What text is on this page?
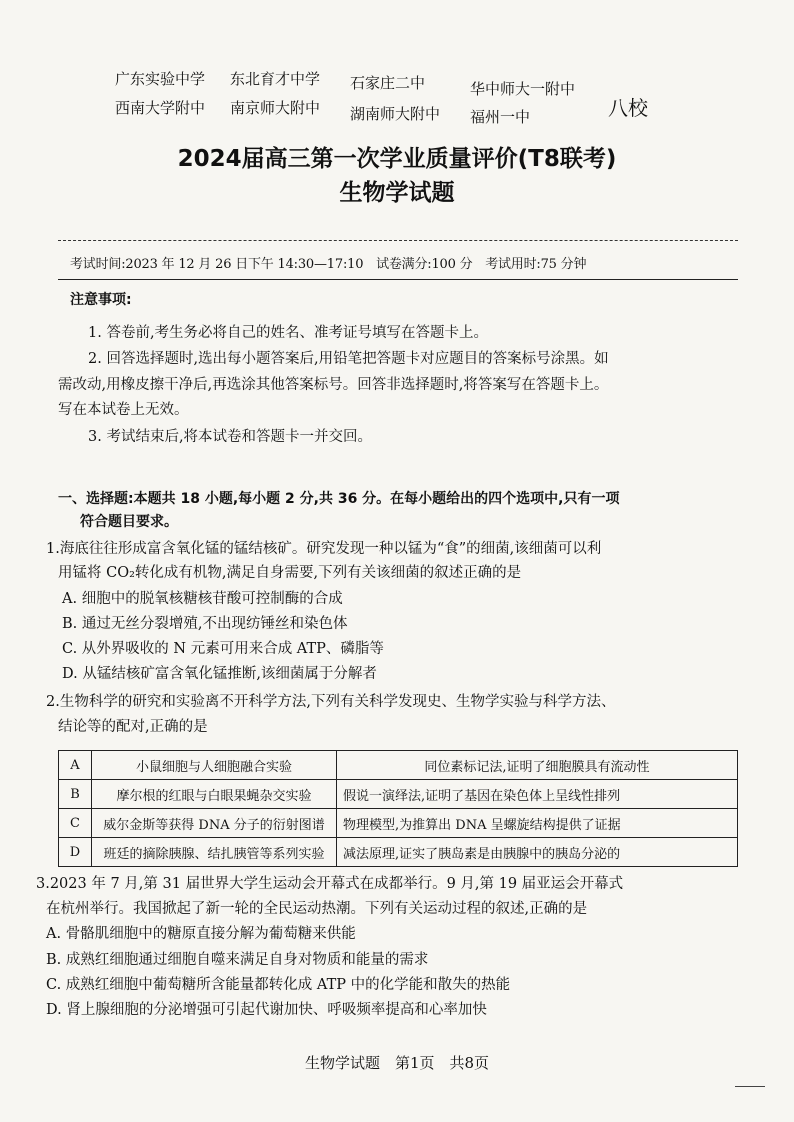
广东实验中学 东北育才中学 石家庄二中	华中师大一附中
西南大学附中 南京师大附中 湖南师大附中 福州一中	八校
2024届高三第一次学业质量评价(T8联考)
生物学试题
考试时间:2023 年 12 月 26 日下午 14:30—17:10　试卷满分:100 分　考试用时:75 分钟
注意事项:
1. 答卷前,考生务必将自己的姓名、准考证号填写在答题卡上。
2. 回答选择题时,选出每小题答案后,用铅笔把答题卡对应题目的答案标号涂黑。如
需改动,用橡皮擦干净后,再选涂其他答案标号。回答非选择题时,将答案写在答题卡上。
写在本试卷上无效。
3. 考试结束后,将本试卷和答题卡一并交回。
一、选择题:本题共 18 小题,每小题 2 分,共 36 分。在每小题给出的四个选项中,只有一项
符合题目要求。
1.海底往往形成富含氧化锰的锰结核矿。研究发现一种以锰为“食”的细菌,该细菌可以利
用锰将 CO₂转化成有机物,满足自身需要,下列有关该细菌的叙述正确的是
A. 细胞中的脱氧核糖核苷酸可控制酶的合成
B. 通过无丝分裂增殖,不出现纺锤丝和染色体
C. 从外界吸收的 N 元素可用来合成 ATP、磷脂等
D. 从锰结核矿富含氧化锰推断,该细菌属于分解者
2.生物科学的研究和实验离不开科学方法,下列有关科学发现史、生物学实验与科学方法、
结论等的配对,正确的是
A	小鼠细胞与人细胞融合实验	同位素标记法,证明了细胞膜具有流动性
B	摩尔根的红眼与白眼果蝇杂交实验	假说一演绎法,证明了基因在染色体上呈线性排列
C	威尔金斯等获得 DNA 分子的衍射图谱	物理模型,为推算出 DNA 呈螺旋结构提供了证据
D	班廷的摘除胰腺、结扎胰管等系列实验	减法原理,证实了胰岛素是由胰腺中的胰岛分泌的
3.2023 年 7 月,第 31 届世界大学生运动会开幕式在成都举行。9 月,第 19 届亚运会开幕式
在杭州举行。我国掀起了新一轮的全民运动热潮。下列有关运动过程的叙述,正确的是
A. 骨骼肌细胞中的糖原直接分解为葡萄糖来供能
B. 成熟红细胞通过细胞自噬来满足自身对物质和能量的需求
C. 成熟红细胞中葡萄糖所含能量都转化成 ATP 中的化学能和散失的热能
D. 肾上腺细胞的分泌增强可引起代谢加快、呼吸频率提高和心率加快
生物学试题　第1页　共8页
